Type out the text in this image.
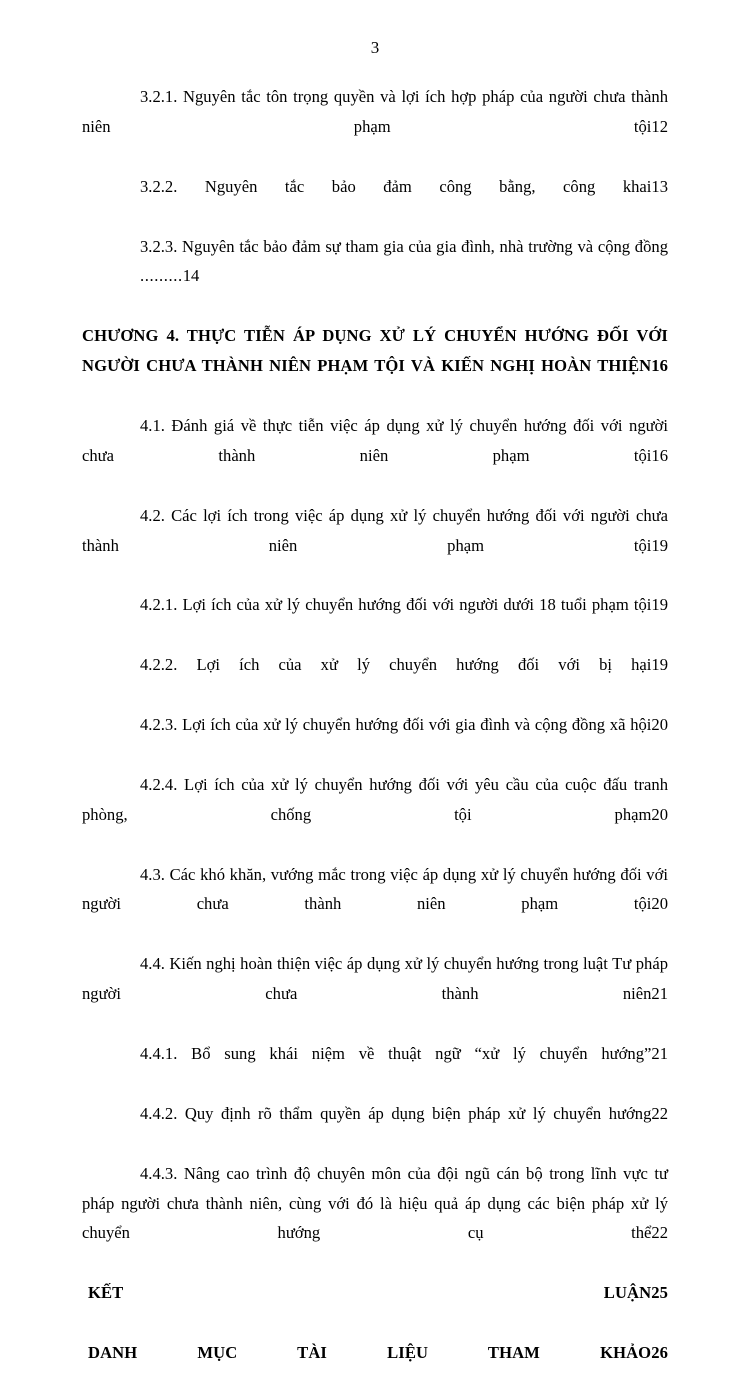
3

3.2.1. Nguyên tắc tôn trọng quyền và lợi ích hợp pháp của người chưa thành niên phạm tội12

3.2.2. Nguyên tắc bảo đảm công bằng, công khai13

3.2.3. Nguyên tắc bảo đảm sự tham gia của gia đình, nhà trường và cộng đồng.........14

CHƯƠNG 4. THỰC TIỄN ÁP DỤNG XỬ LÝ CHUYỂN HƯỚNG ĐỐI VỚI NGƯỜI CHƯA THÀNH NIÊN PHẠM TỘI VÀ KIẾN NGHỊ HOÀN THIỆN16

4.1. Đánh giá về thực tiễn việc áp dụng xử lý chuyển hướng đối với người chưa thành niên phạm tội16

4.2. Các lợi ích trong việc áp dụng xử lý chuyển hướng đối với người chưa thành niên phạm tội19

4.2.1. Lợi ích của xử lý chuyển hướng đối với người dưới 18 tuổi phạm tội19

4.2.2. Lợi ích của xử lý chuyển hướng đối với bị hại19

4.2.3. Lợi ích của xử lý chuyển hướng đối với gia đình và cộng đồng xã hội20

4.2.4. Lợi ích của xử lý chuyển hướng đối với yêu cầu của cuộc đấu tranh phòng, chống tội phạm20

4.3. Các khó khăn, vướng mắc trong việc áp dụng xử lý chuyển hướng đối với người chưa thành niên phạm tội20

4.4. Kiến nghị hoàn thiện việc áp dụng xử lý chuyển hướng trong luật Tư pháp người chưa thành niên21

4.4.1. Bổ sung khái niệm về thuật ngữ “xử lý chuyển hướng”21

4.4.2. Quy định rõ thẩm quyền áp dụng biện pháp xử lý chuyển hướng22

4.4.3. Nâng cao trình độ chuyên môn của đội ngũ cán bộ trong lĩnh vực tư pháp người chưa thành niên, cùng với đó là hiệu quả áp dụng các biện pháp xử lý chuyển hướng cụ thể22

KẾT LUẬN25

DANH MỤC TÀI LIỆU THAM KHẢO26
